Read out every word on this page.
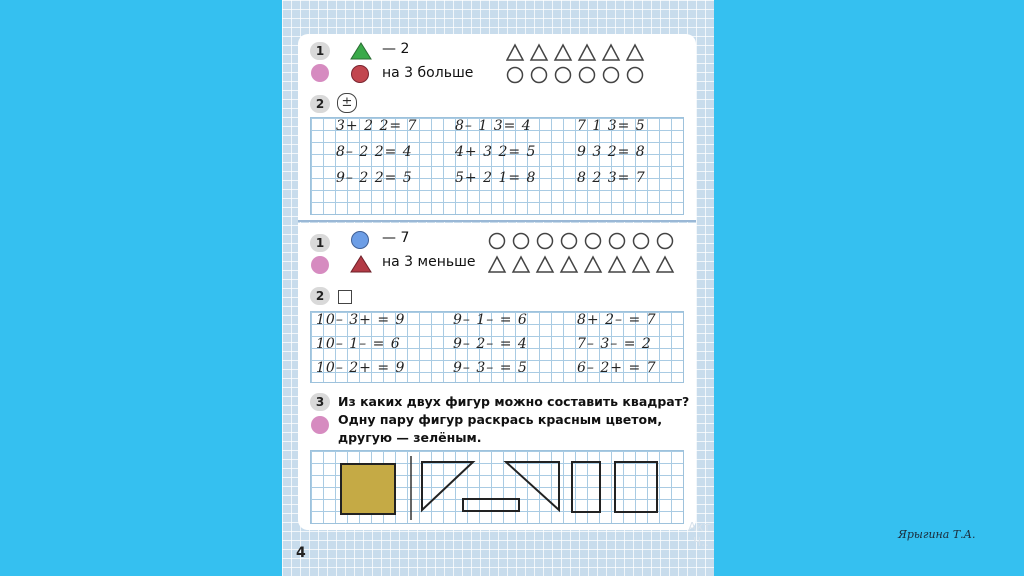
1	— 2
на 3 больше
2	±
3+ 2 2= 7	8– 1 3= 4	7 1 3= 5
8– 2 2= 4	4+ 3 2= 5	9 3 2= 8
9– 2 2= 5	5+ 2 1= 8	8 2 3= 7
1	— 7
на 3 меньше
2
10– 3+ = 9	9– 1– = 6	8+ 2– = 7
10– 1– = 6	9– 2– = 4	7– 3– = 2
10– 2+ = 9	9– 3– = 5	6– 2+ = 7
3	Из каких двух фигур можно составить квадрат? Одну пару фигур раскрась красным цветом, другую — зелёным.
4
Акт
Ч..
Ярыгина Т.А.
